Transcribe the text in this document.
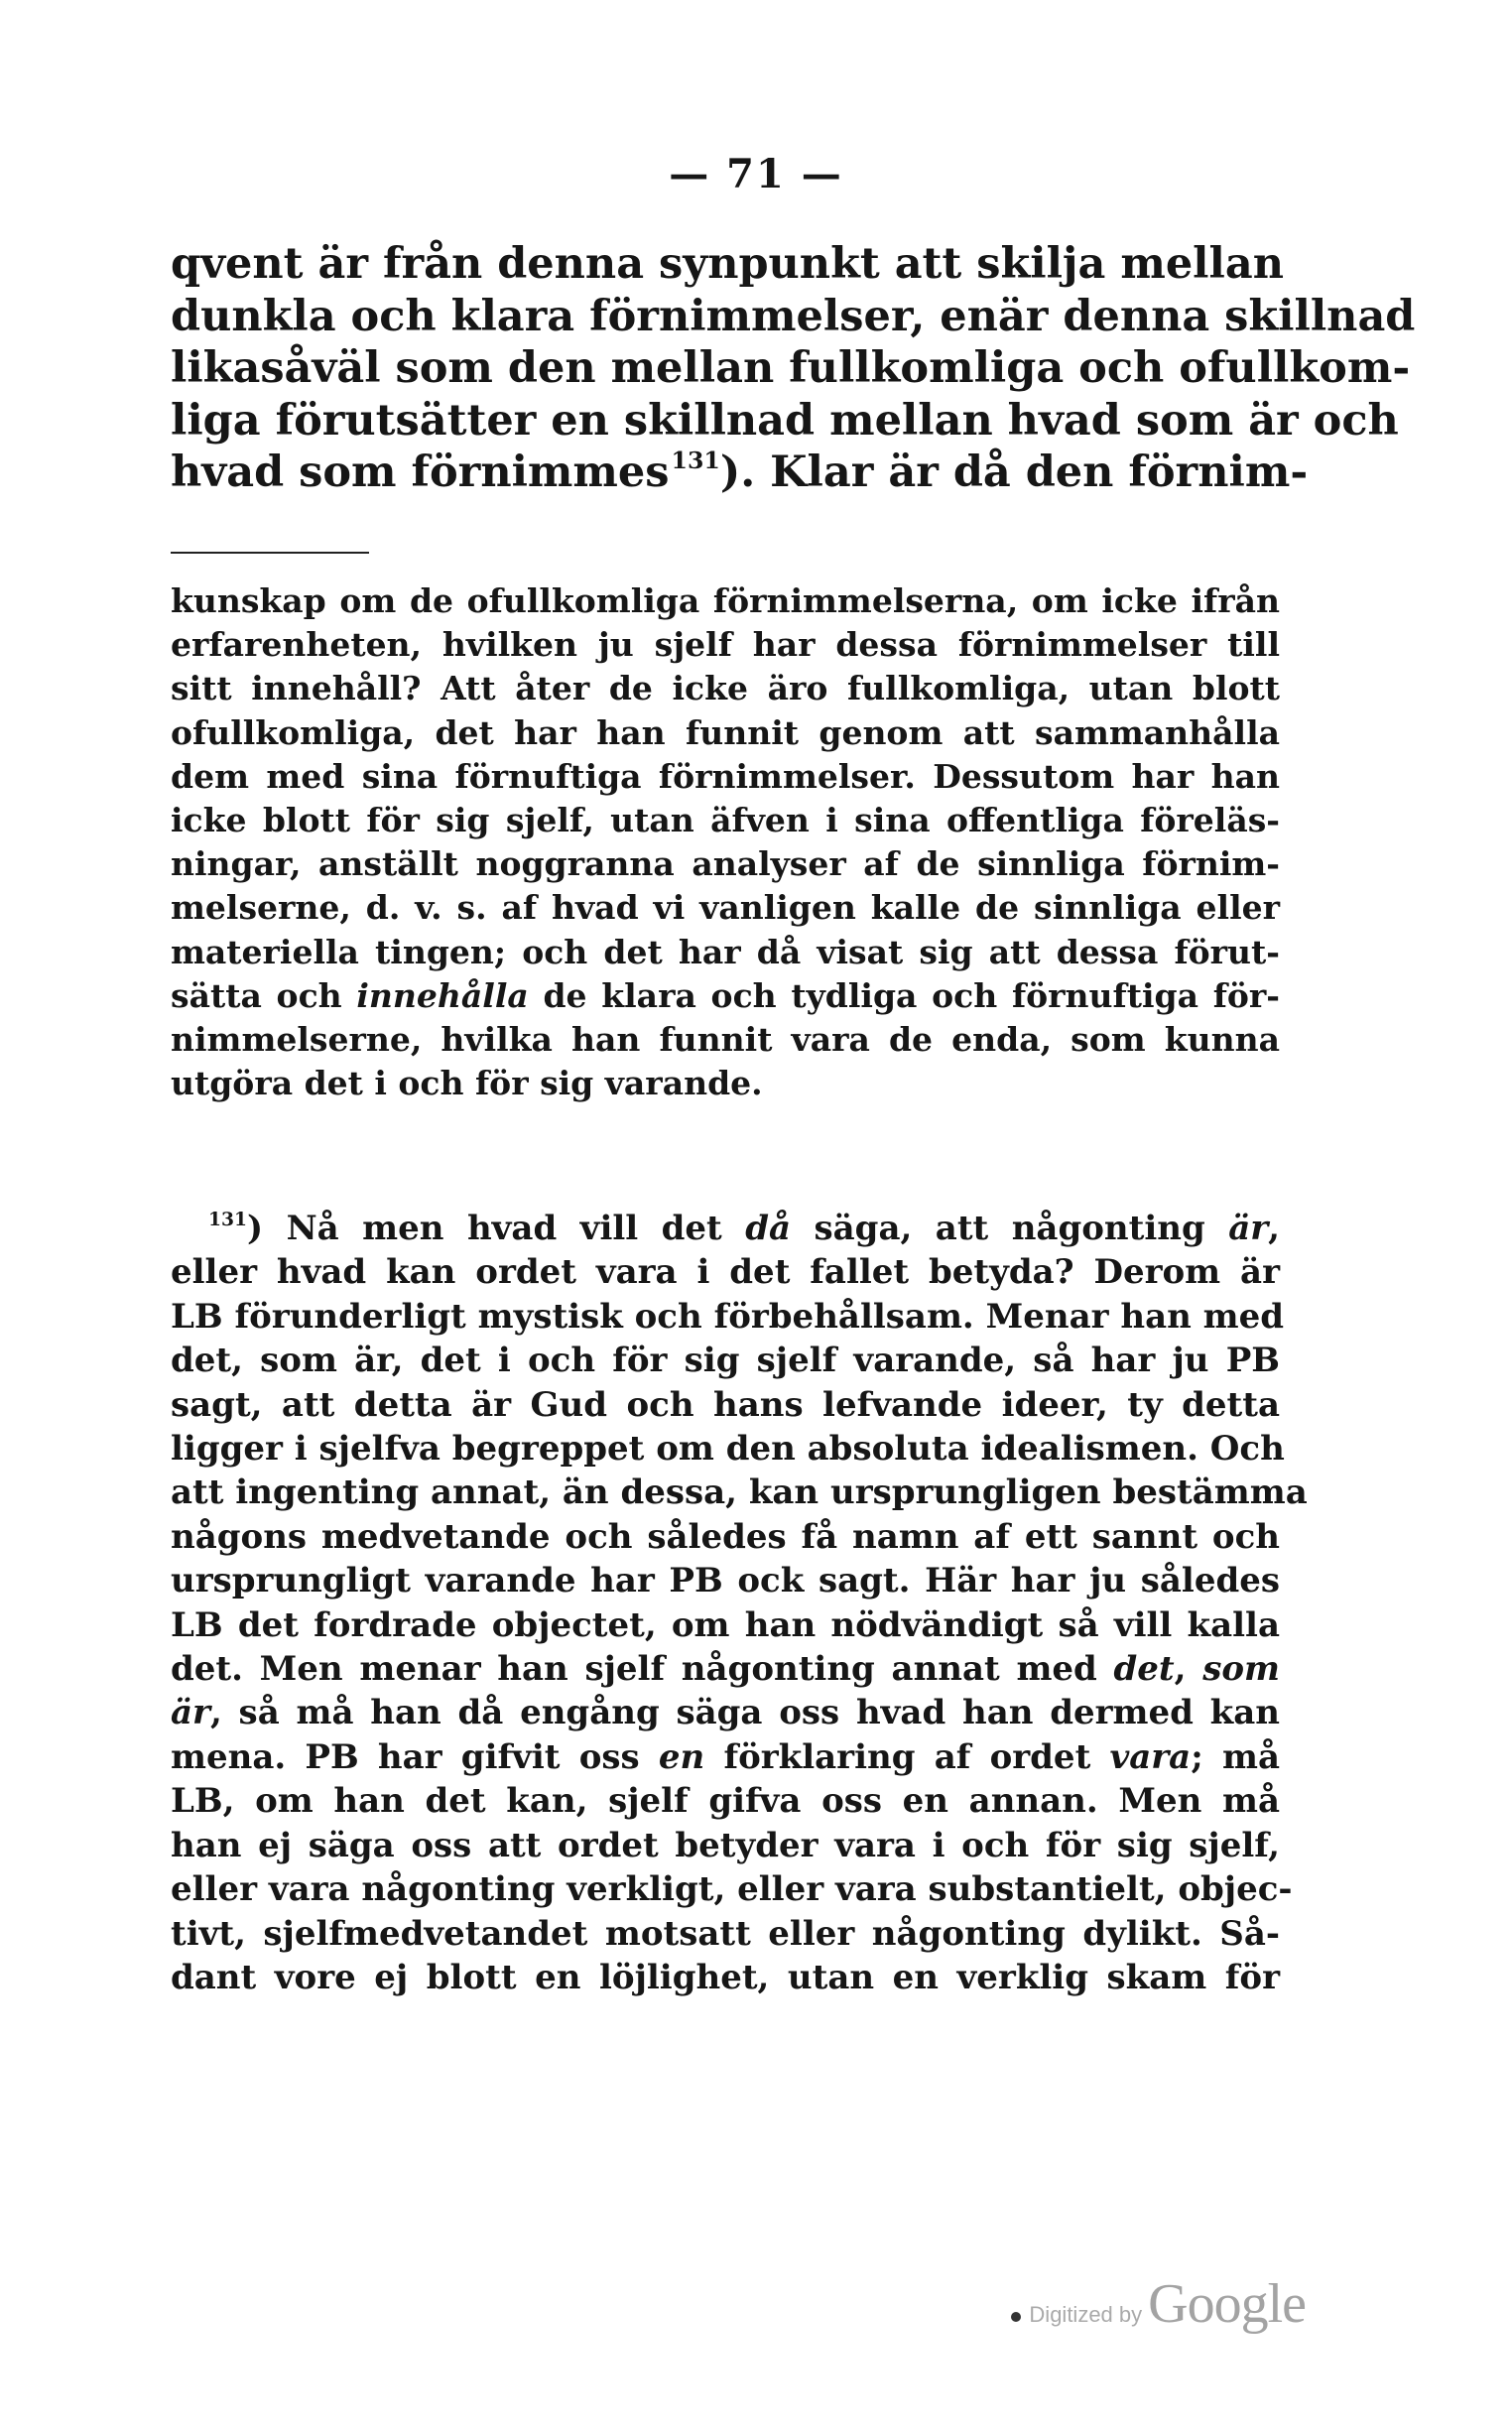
— 71 —
qvent är från denna synpunkt att skilja mellan
dunkla och klara förnimmelser, enär denna skillnad
likasåväl som den mellan fullkomliga och ofullkom-
liga förutsätter en skillnad mellan hvad som är och
hvad som förnimmes$^{131}$). Klar är då den förnim-
kunskap om de ofullkomliga förnimmelserna, om icke ifrån
erfarenheten, hvilken ju sjelf har dessa förnimmelser till
sitt innehåll? Att åter de icke äro fullkomliga, utan blott
ofullkomliga, det har han funnit genom att sammanhålla
dem med sina förnuftiga förnimmelser. Dessutom har han
icke blott för sig sjelf, utan äfven i sina offentliga föreläs-
ningar, anställt noggranna analyser af de sinnliga förnim-
melserne, d. v. s. af hvad vi vanligen kalle de sinnliga eller
materiella tingen; och det har då visat sig att dessa förut-
sätta och innehålla de klara och tydliga och förnuftiga för-
nimmelserne, hvilka han funnit vara de enda, som kunna
utgöra det i och för sig varande.
$^{131}$) Nå men hvad vill det då säga, att någonting är,
eller hvad kan ordet vara i det fallet betyda? Derom är
LB förunderligt mystisk och förbehållsam. Menar han med
det, som är, det i och för sig sjelf varande, så har ju PB
sagt, att detta är Gud och hans lefvande ideer, ty detta
ligger i sjelfva begreppet om den absoluta idealismen. Och
att ingenting annat, än dessa, kan ursprungligen bestämma
någons medvetande och således få namn af ett sannt och
ursprungligt varande har PB ock sagt. Här har ju således
LB det fordrade objectet, om han nödvändigt så vill kalla
det. Men menar han sjelf någonting annat med det, som
är, så må han då engång säga oss hvad han dermed kan
mena. PB har gifvit oss en förklaring af ordet vara; må
LB, om han det kan, sjelf gifva oss en annan. Men må
han ej säga oss att ordet betyder vara i och för sig sjelf,
eller vara någonting verkligt, eller vara substantielt, objec-
tivt, sjelfmedvetandet motsatt eller någonting dylikt. Så-
dant vore ej blott en löjlighet, utan en verklig skam för
Digitized by Google
